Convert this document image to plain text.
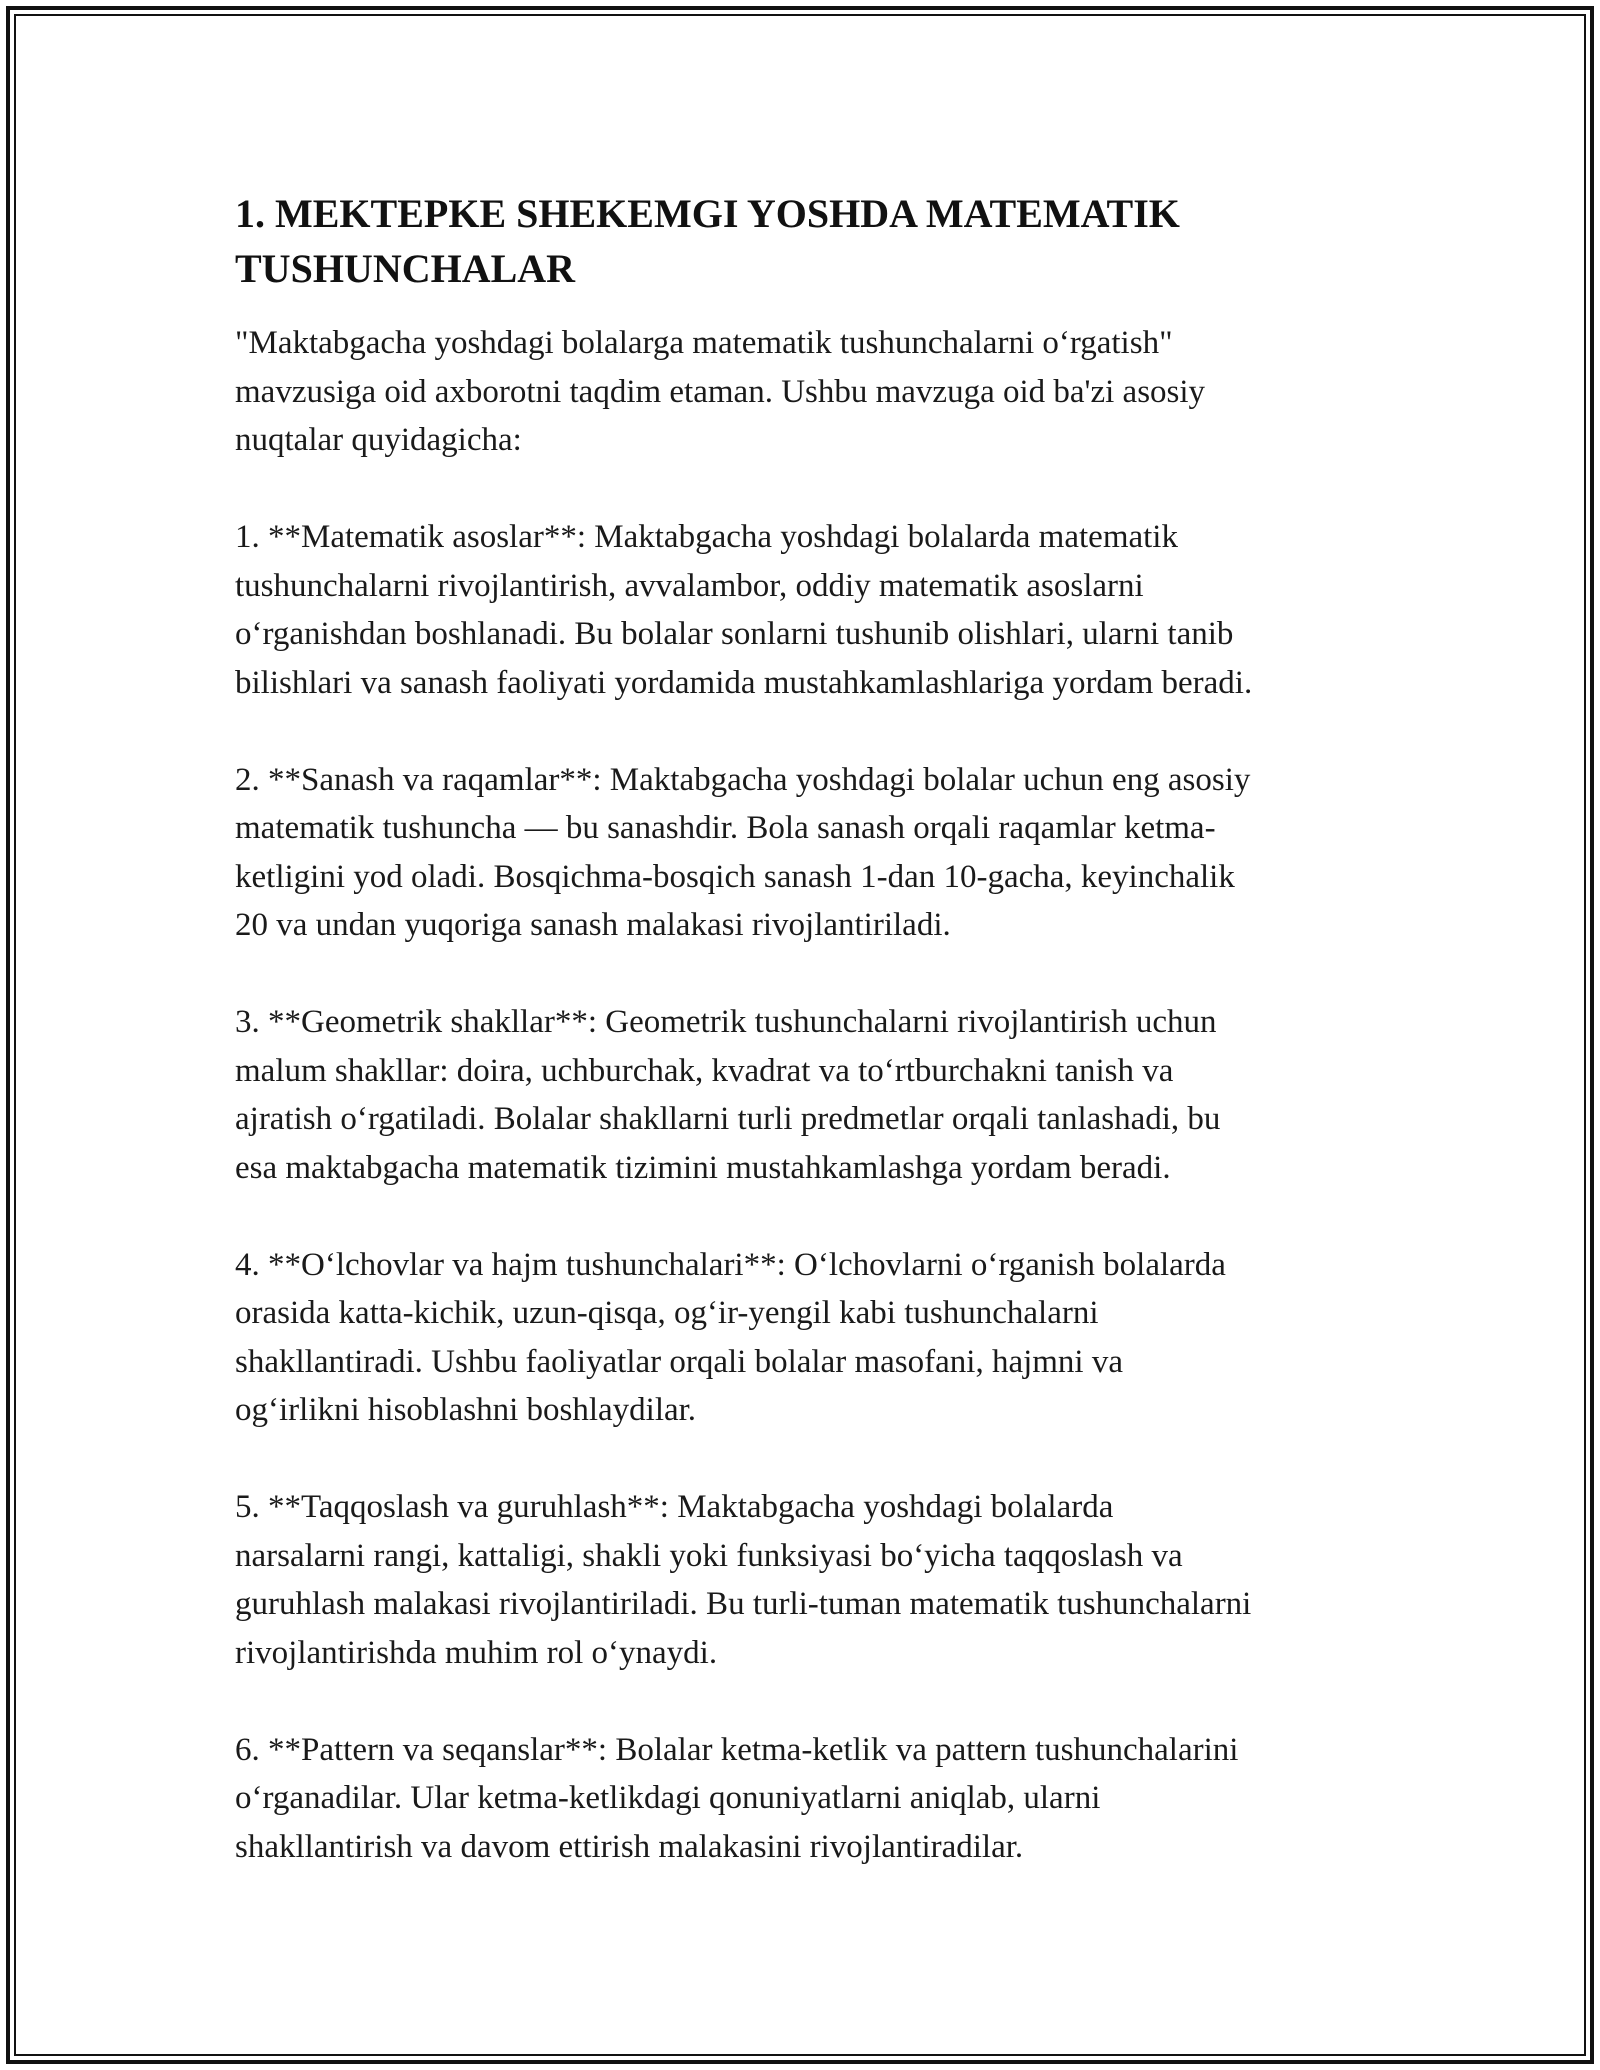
1. MEKTEPKE SHEKEMGI YOSHDA MATEMATIK
TUSHUNCHALAR

"Maktabgacha yoshdagi bolalarga matematik tushunchalarni o‘rgatish"
mavzusiga oid axborotni taqdim etaman. Ushbu mavzuga oid ba'zi asosiy
nuqtalar quyidagicha:

1. **Matematik asoslar**: Maktabgacha yoshdagi bolalarda matematik
tushunchalarni rivojlantirish, avvalambor, oddiy matematik asoslarni
o‘rganishdan boshlanadi. Bu bolalar sonlarni tushunib olishlari, ularni tanib
bilishlari va sanash faoliyati yordamida mustahkamlashlariga yordam beradi.

2. **Sanash va raqamlar**: Maktabgacha yoshdagi bolalar uchun eng asosiy
matematik tushuncha — bu sanashdir. Bola sanash orqali raqamlar ketma-
ketligini yod oladi. Bosqichma-bosqich sanash 1-dan 10-gacha, keyinchalik
20 va undan yuqoriga sanash malakasi rivojlantiriladi.

3. **Geometrik shakllar**: Geometrik tushunchalarni rivojlantirish uchun
malum shakllar: doira, uchburchak, kvadrat va to‘rtburchakni tanish va
ajratish o‘rgatiladi. Bolalar shakllarni turli predmetlar orqali tanlashadi, bu
esa maktabgacha matematik tizimini mustahkamlashga yordam beradi.

4. **O‘lchovlar va hajm tushunchalari**: O‘lchovlarni o‘rganish bolalarda
orasida katta-kichik, uzun-qisqa, og‘ir-yengil kabi tushunchalarni
shakllantiradi. Ushbu faoliyatlar orqali bolalar masofani, hajmni va
og‘irlikni hisoblashni boshlaydilar.

5. **Taqqoslash va guruhlash**: Maktabgacha yoshdagi bolalarda
narsalarni rangi, kattaligi, shakli yoki funksiyasi bo‘yicha taqqoslash va
guruhlash malakasi rivojlantiriladi. Bu turli-tuman matematik tushunchalarni
rivojlantirishda muhim rol o‘ynaydi.

6. **Pattern va seqanslar**: Bolalar ketma-ketlik va pattern tushunchalarini
o‘rganadilar. Ular ketma-ketlikdagi qonuniyatlarni aniqlab, ularni
shakllantirish va davom ettirish malakasini rivojlantiradilar.
